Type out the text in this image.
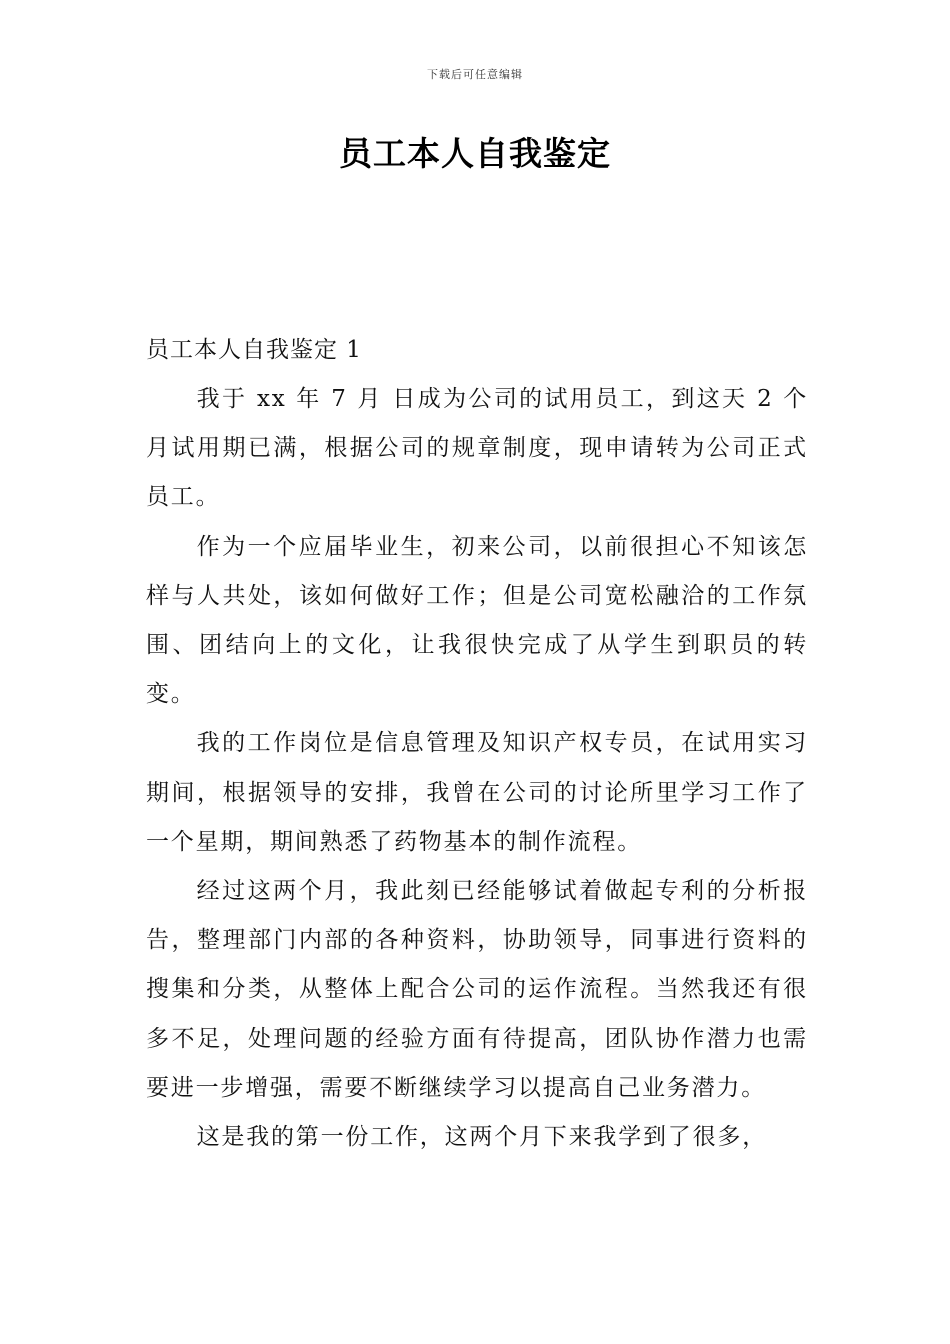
下载后可任意编辑
员工本人自我鉴定

员工本人自我鉴定 1

我于 xx 年 7 月 日成为公司的试用员工，到这天 2 个月试用期已满，根据公司的规章制度，现申请转为公司正式员工。

作为一个应届毕业生，初来公司，以前很担心不知该怎样与人共处，该如何做好工作；但是公司宽松融洽的工作氛围、团结向上的文化，让我很快完成了从学生到职员的转变。

我的工作岗位是信息管理及知识产权专员，在试用实习期间，根据领导的安排，我曾在公司的讨论所里学习工作了一个星期，期间熟悉了药物基本的制作流程。

经过这两个月，我此刻已经能够试着做起专利的分析报告，整理部门内部的各种资料，协助领导，同事进行资料的搜集和分类，从整体上配合公司的运作流程。当然我还有很多不足，处理问题的经验方面有待提高，团队协作潜力也需要进一步增强，需要不断继续学习以提高自己业务潜力。

这是我的第一份工作，这两个月下来我学到了很多，
